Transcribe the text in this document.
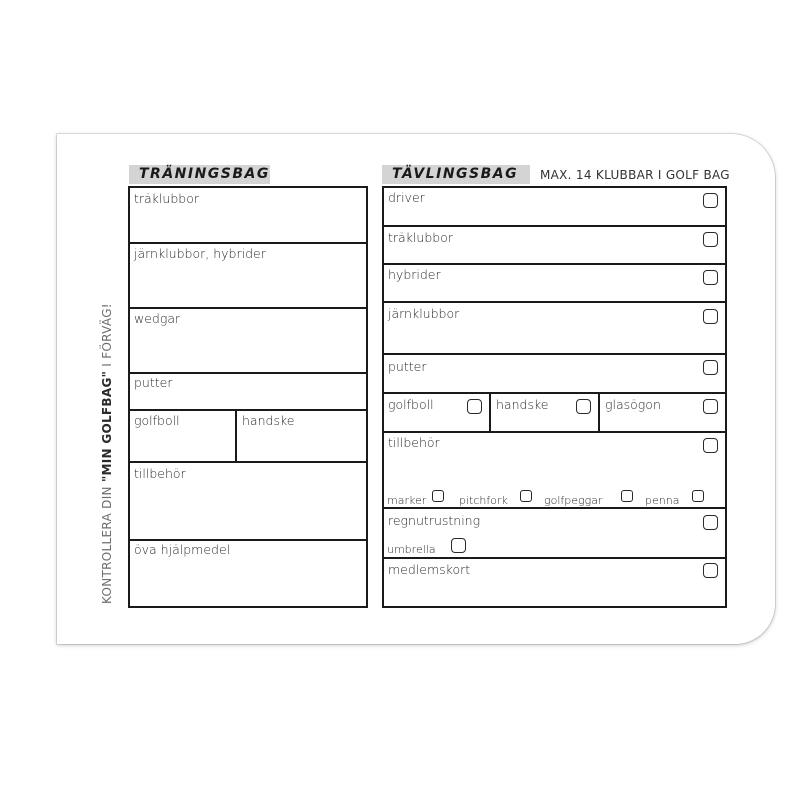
KONTROLLERA DIN "MIN GOLFBAG" I FÖRVÄG!
TRÄNINGSBAG
träklubbor
järnklubbor, hybrider
wedgar
putter
golfboll	handske
tillbehör
öva hjälpmedel
TÄVLINGSBAG	MAX. 14 KLUBBAR I GOLF BAG
driver
träklubbor
hybrider
järnklubbor
putter
golfboll	handske	glasögon
tillbehör
marker	pitchfork	golfpeggar	penna
regnutrustning
umbrella
medlemskort
